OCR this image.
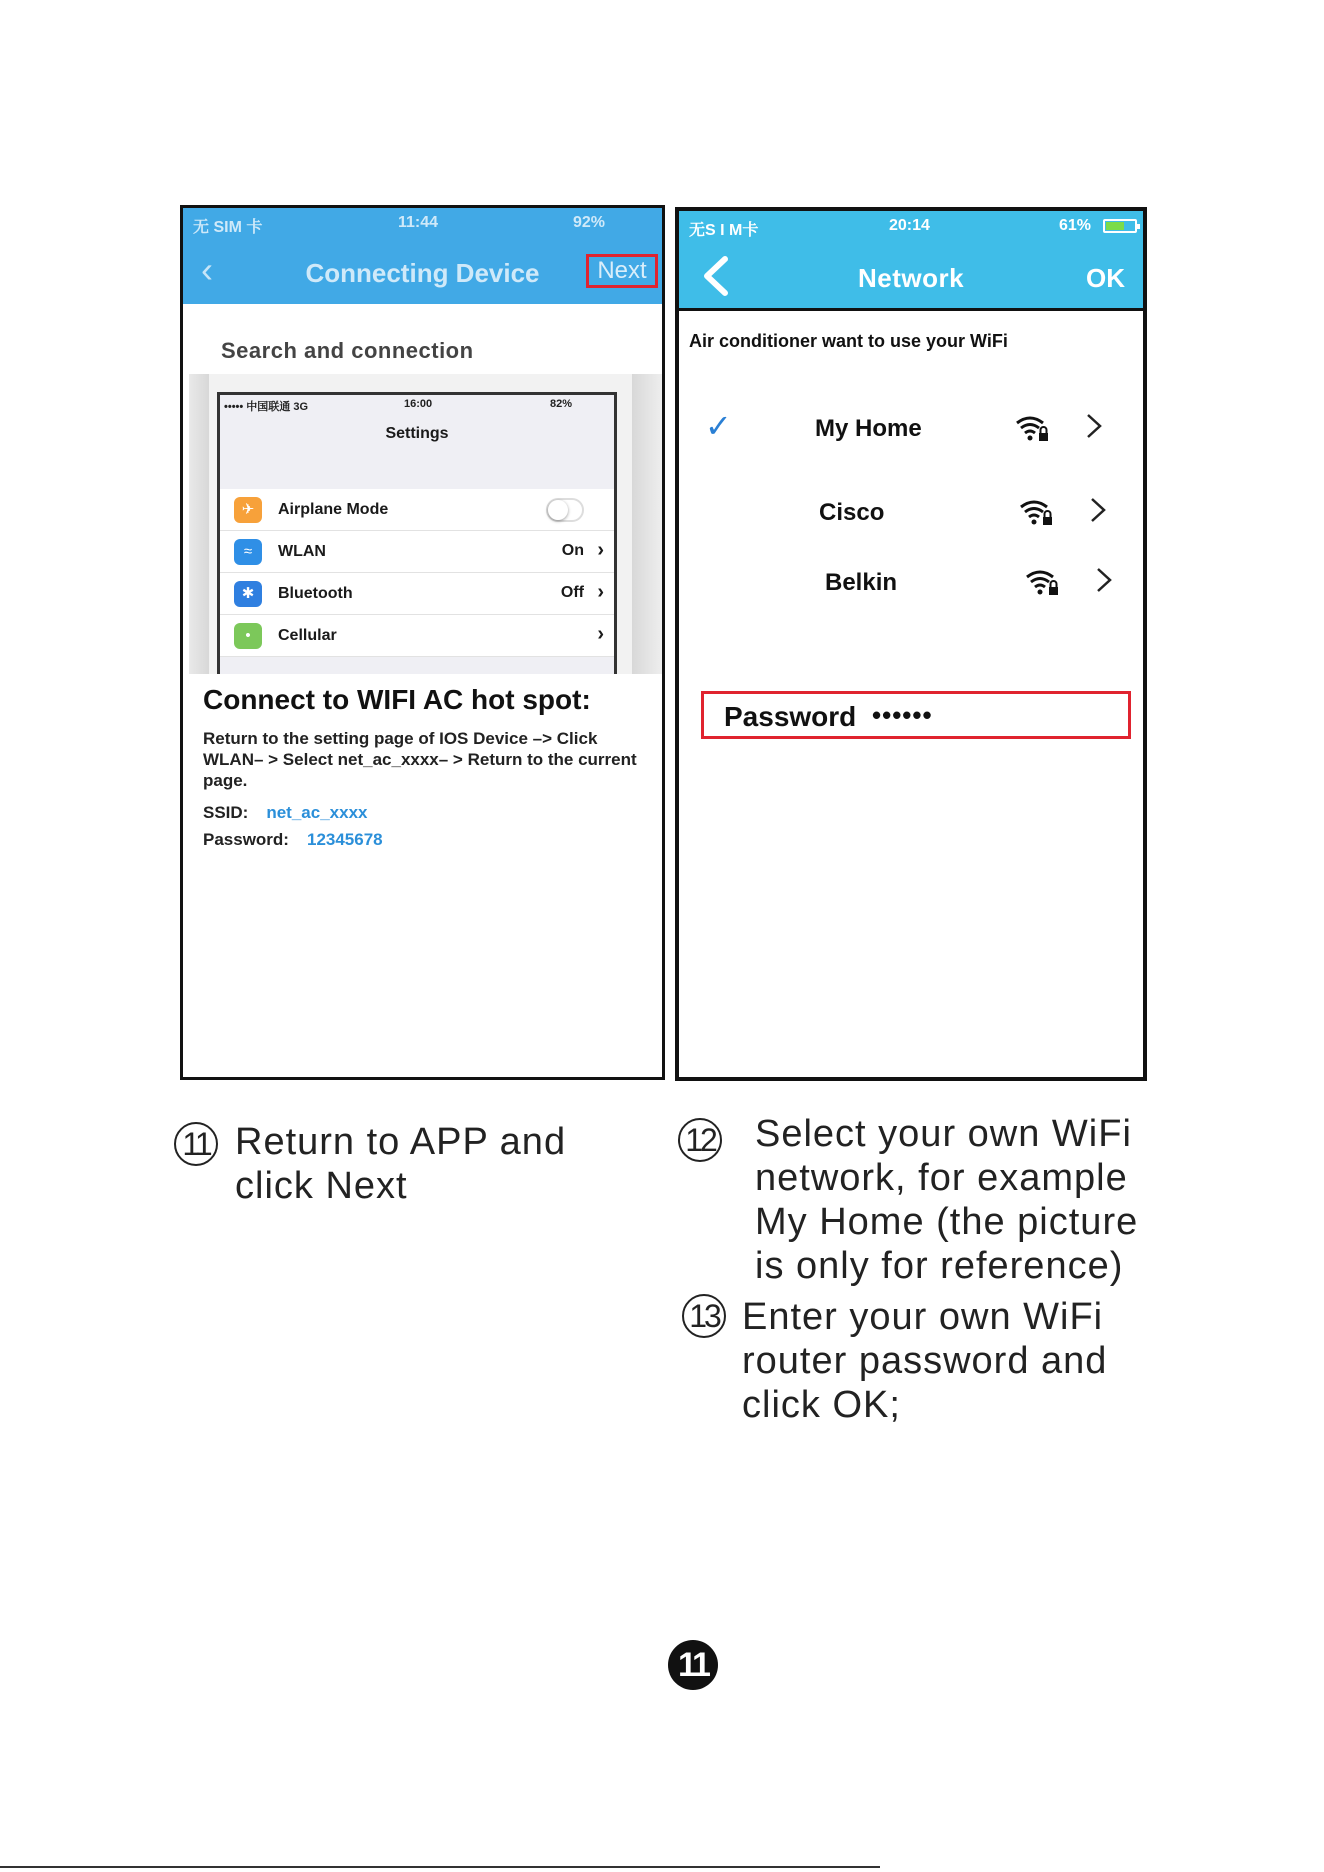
无 SIM 卡	11:44	92%
‹	Connecting Device	Next
Search and connection
••••• 中国联通 3G	16:00	82%
Settings
✈	Airplane Mode
≈	WLAN	On ›
✱	Bluetooth	Off ›
•	Cellular	›
Connect to WIFI AC hot spot:
Return to the setting page of IOS Device –> Click WLAN– > Select net_ac_xxxx– > Return to the current page.
SSID: net_ac_xxxx
Password: 12345678
无S I M卡	20:14	61%
Network	OK
Air conditioner want to use your WiFi
✓	My Home
Cisco
Belkin
Password ••••••
11 Return to APP and click Next
12 Select your own WiFi network, for example My Home (the picture is only for reference)
13 Enter your own WiFi router password and click OK;
11
